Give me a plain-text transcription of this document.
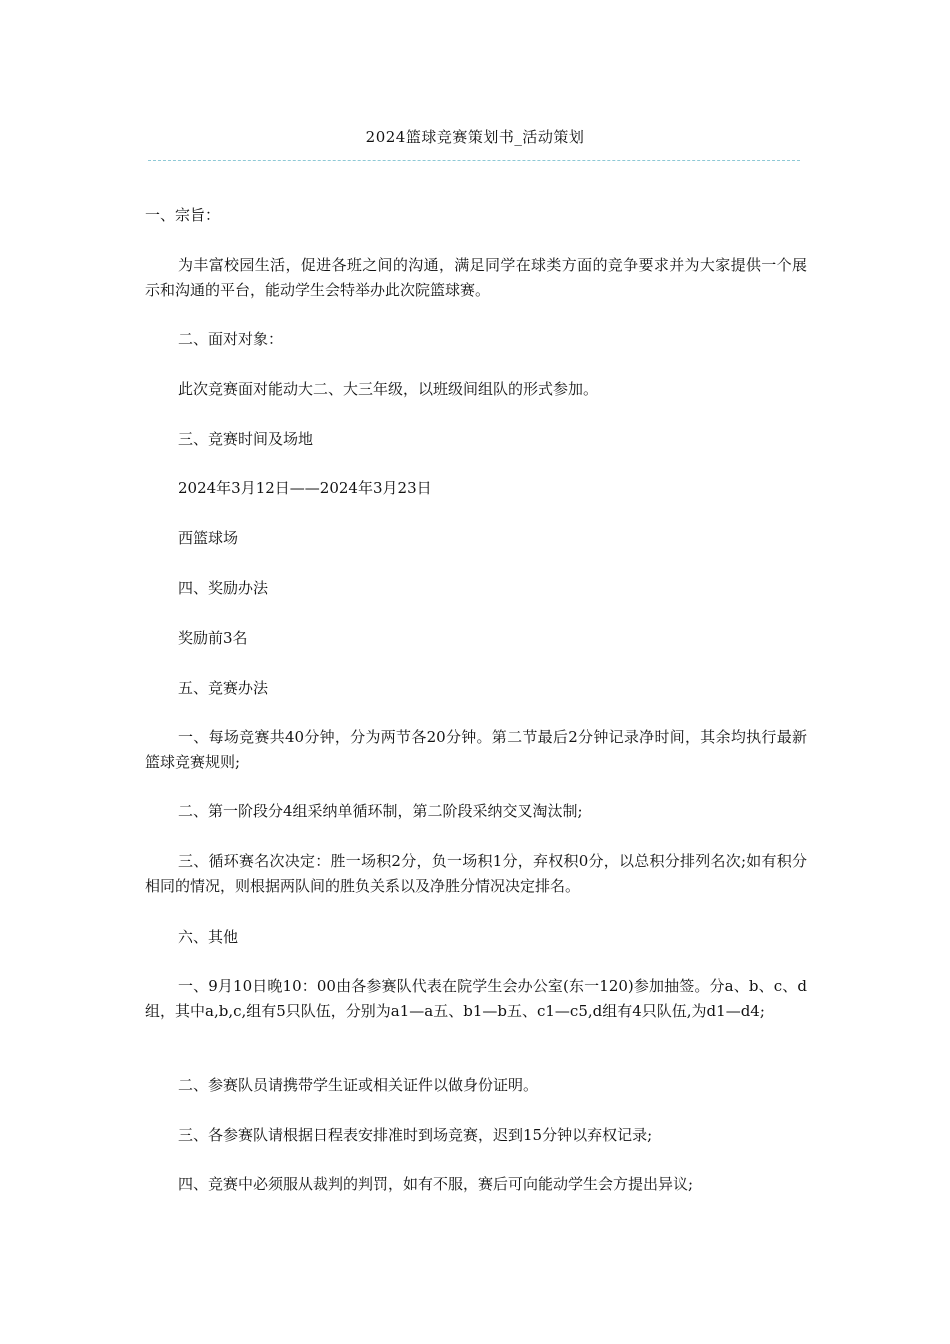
2024篮球竞赛策划书_活动策划

一、宗旨：

为丰富校园生活，促进各班之间的沟通，满足同学在球类方面的竞争要求并为大家提供一个展示和沟通的平台，能动学生会特举办此次院篮球赛。

二、面对对象：

此次竞赛面对能动大二、大三年级，以班级间组队的形式参加。

三、竞赛时间及场地

2024年3月12日——2024年3月23日

西篮球场

四、奖励办法

奖励前3名

五、竞赛办法

一、每场竞赛共40分钟，分为两节各20分钟。第二节最后2分钟记录净时间，其余均执行最新篮球竞赛规则;

二、第一阶段分4组采纳单循环制，第二阶段采纳交叉淘汰制;

三、循环赛名次决定：胜一场积2分，负一场积1分，弃权积0分，以总积分排列名次;如有积分相同的情况，则根据两队间的胜负关系以及净胜分情况决定排名。

六、其他

一、9月10日晚10：00由各参赛队代表在院学生会办公室(东一120)参加抽签。分a、b、c、d组，其中a,b,c,组有5只队伍，分别为a1—a五、b1—b五、c1—c5,d组有4只队伍,为d1—d4;

二、参赛队员请携带学生证或相关证件以做身份证明。

三、各参赛队请根据日程表安排准时到场竞赛，迟到15分钟以弃权记录;

四、竞赛中必须服从裁判的判罚，如有不服，赛后可向能动学生会方提出异议;
